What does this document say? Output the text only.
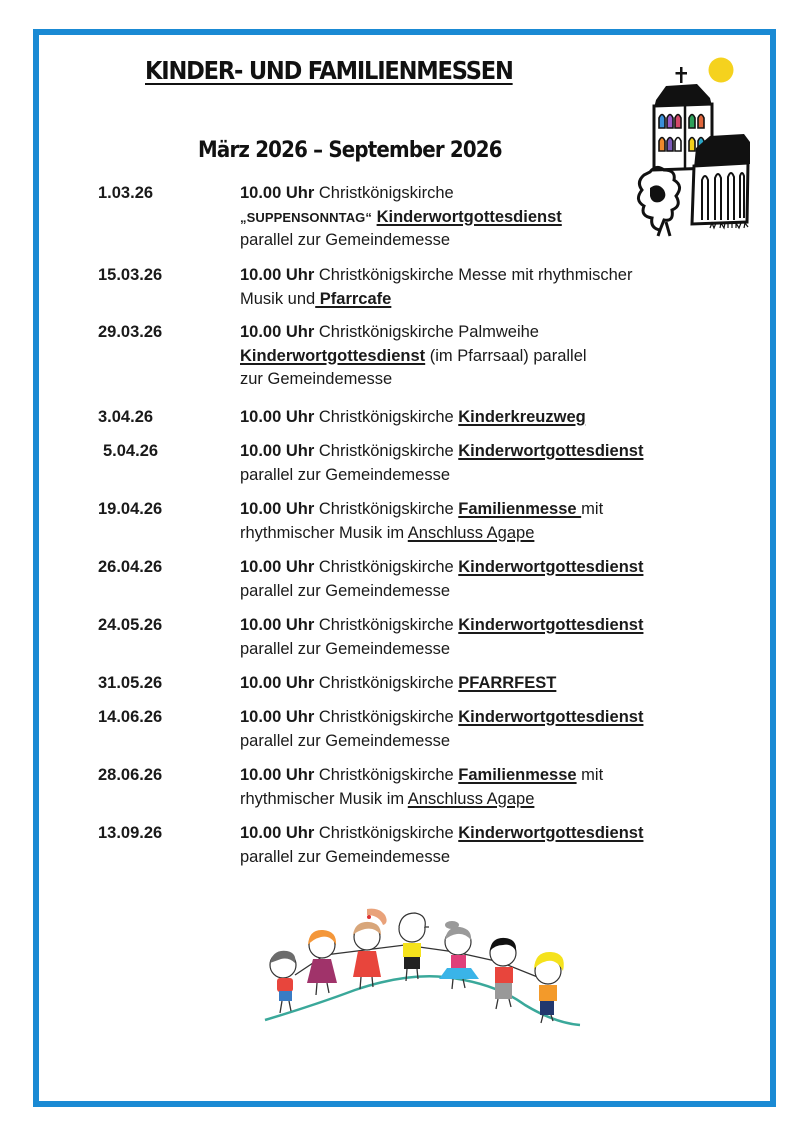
KINDER- UND FAMILIENMESSEN
März 2026 – September 2026
1.03.26	10.00 Uhr Christkönigskirche
„SUPPENSONNTAG“ Kinderwortgottesdienst
parallel zur Gemeindemesse
15.03.26	10.00 Uhr Christkönigskirche Messe mit rhythmischer
Musik und Pfarrcafe
29.03.26	10.00 Uhr Christkönigskirche Palmweihe
Kinderwortgottesdienst (im Pfarrsaal) parallel
zur Gemeindemesse
3.04.26	10.00 Uhr Christkönigskirche Kinderkreuzweg
5.04.26	10.00 Uhr Christkönigskirche Kinderwortgottesdienst
parallel zur Gemeindemesse
19.04.26	10.00 Uhr Christkönigskirche Familienmesse mit
rhythmischer Musik im Anschluss Agape
26.04.26	10.00 Uhr Christkönigskirche Kinderwortgottesdienst
parallel zur Gemeindemesse
24.05.26	10.00 Uhr Christkönigskirche Kinderwortgottesdienst
parallel zur Gemeindemesse
31.05.26	10.00 Uhr Christkönigskirche PFARRFEST
14.06.26	10.00 Uhr Christkönigskirche Kinderwortgottesdienst
parallel zur Gemeindemesse
28.06.26	10.00 Uhr Christkönigskirche Familienmesse mit
rhythmischer Musik im Anschluss Agape
13.09.26	10.00 Uhr Christkönigskirche Kinderwortgottesdienst
parallel zur Gemeindemesse
